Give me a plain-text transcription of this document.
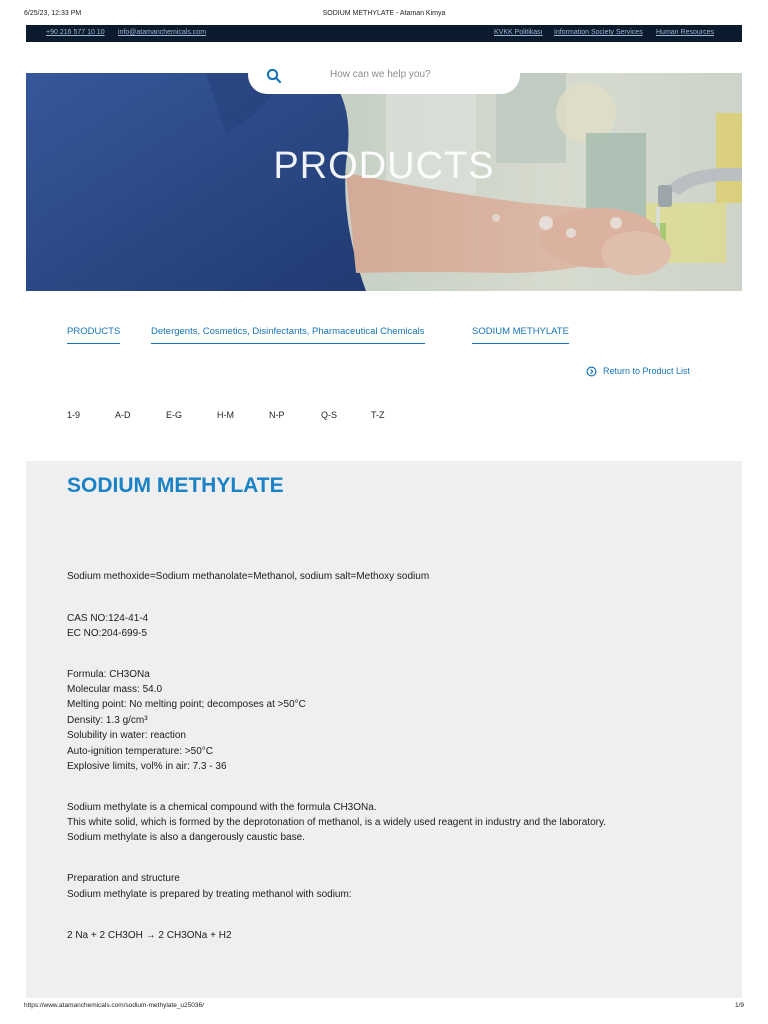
6/25/23, 12:33 PM	SODIUM METHYLATE - Ataman Kimya
+90 216 577 10 10 info@atamanchemicals.com	KVKK Politikası Information Society Services Human Resources
How can we help you?
PRODUCTS
PRODUCTS	Detergents, Cosmetics, Disinfectants, Pharmaceutical Chemicals	SODIUM METHYLATE
Return to Product List
1-9	A-D	E-G	H-M	N-P	Q-S	T-Z
SODIUM METHYLATE

Sodium methoxide=Sodium methanolate=Methanol, sodium salt=Methoxy sodium

CAS NO:124-41-4

EC NO:204-699-5

Formula: CH3ONa

Molecular mass: 54.0

Melting point: No melting point; decomposes at >50°C

Density: 1.3 g/cm³

Solubility in water: reaction

Auto-ignition temperature: >50°C

Explosive limits, vol% in air: 7.3 - 36

Sodium methylate is a chemical compound with the formula CH3ONa.

This white solid, which is formed by the deprotonation of methanol, is a widely used reagent in industry and the laboratory.

Sodium methylate is also a dangerously caustic base.

Preparation and structure

Sodium methylate is prepared by treating methanol with sodium:

2 Na + 2 CH3OH → 2 CH3ONa + H2

https://www.atamanchemicals.com/sodium-methylate_u25036/	1/9
